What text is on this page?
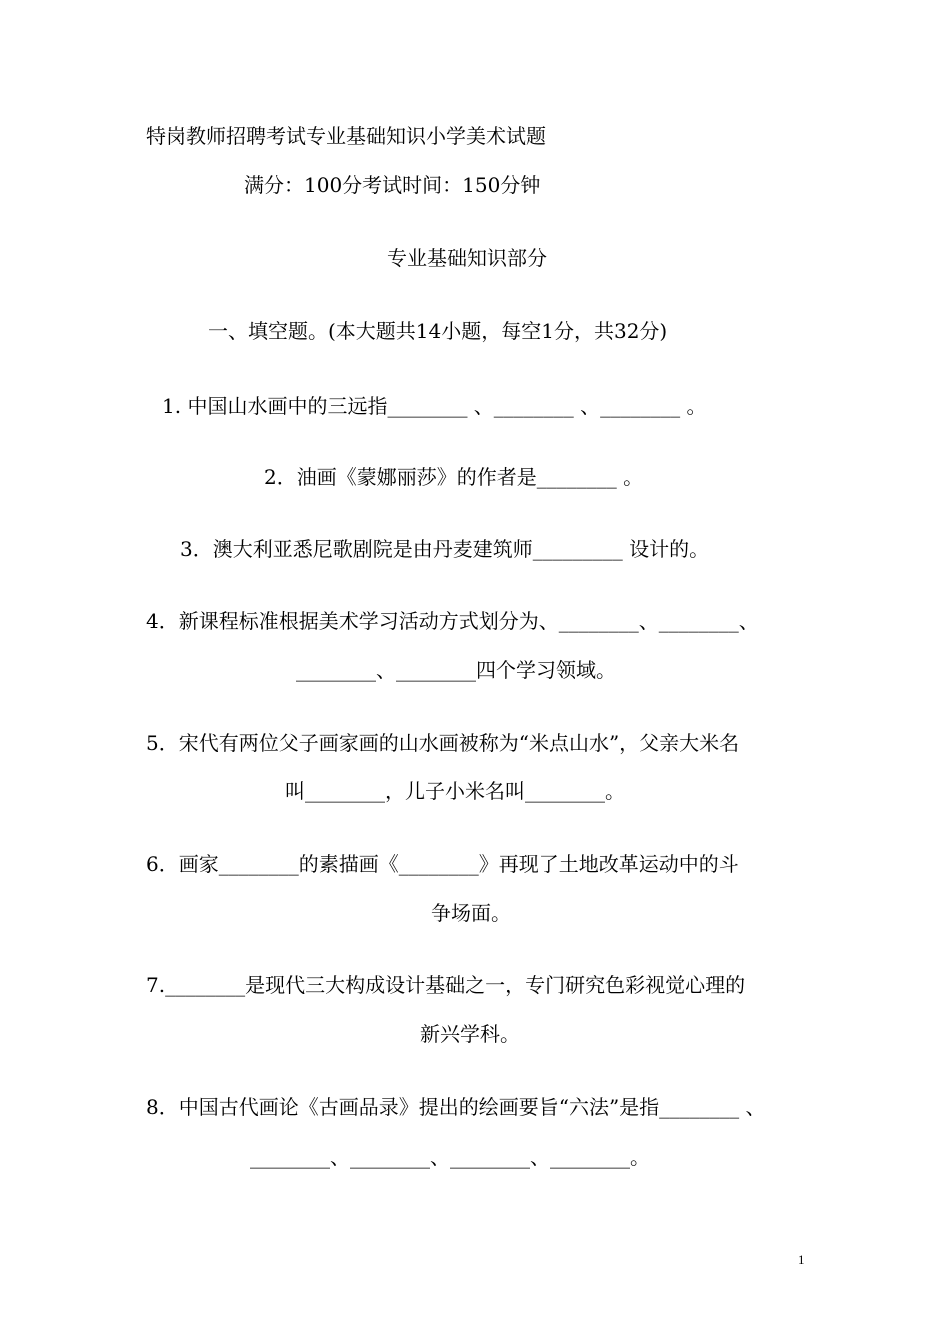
特岗教师招聘考试专业基础知识小学美术试题
满分：100分考试时间：150分钟
专业基础知识部分
一、填空题。(本大题共14小题，每空1分，共32分)
1. 中国山水画中的三远指________ 、________ 、________ 。
2．油画《蒙娜丽莎》的作者是________ 。
3．澳大利亚悉尼歌剧院是由丹麦建筑师_________ 设计的。
4．新课程标准根据美术学习活动方式划分为、________、________、
________、________四个学习领域。
5．宋代有两位父子画家画的山水画被称为“米点山水”，父亲大米名
叫________，儿子小米名叫________。
6．画家________的素描画《________》再现了土地改革运动中的斗
争场面。
7.________是现代三大构成设计基础之一，专门研究色彩视觉心理的
新兴学科。
8．中国古代画论《古画品录》提出的绘画要旨“六法”是指________ 、
________、________、________、________。
1
